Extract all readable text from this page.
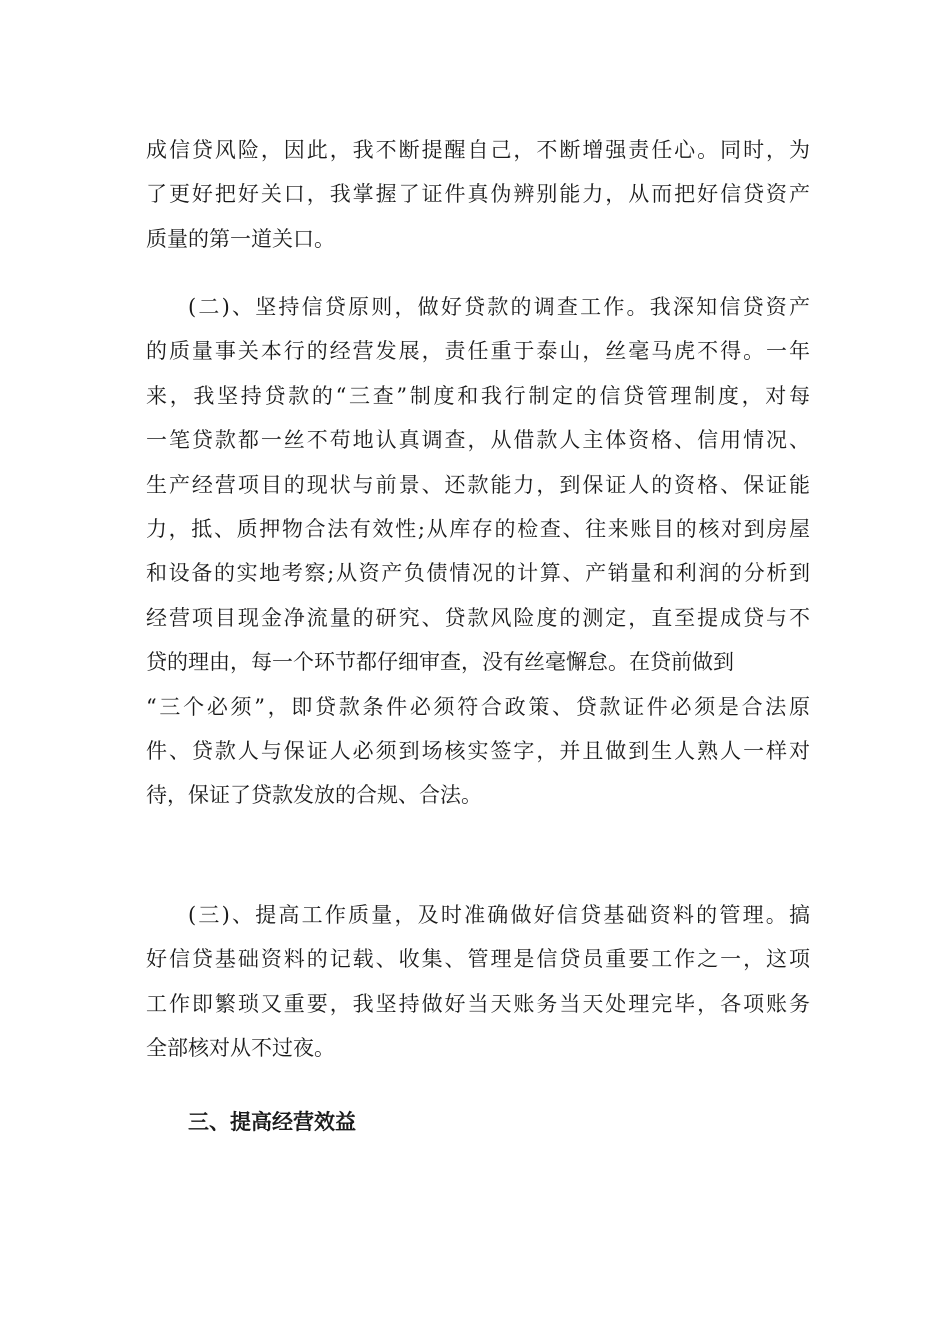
成信贷风险，因此，我不断提醒自己，不断增强责任心。同时，为
了更好把好关口，我掌握了证件真伪辨别能力，从而把好信贷资产
质量的第一道关口。
(二)、坚持信贷原则，做好贷款的调查工作。我深知信贷资产
的质量事关本行的经营发展，责任重于泰山，丝毫马虎不得。一年
来，我坚持贷款的“三查”制度和我行制定的信贷管理制度，对每
一笔贷款都一丝不苟地认真调查，从借款人主体资格、信用情况、
生产经营项目的现状与前景、还款能力，到保证人的资格、保证能
力，抵、质押物合法有效性;从库存的检查、往来账目的核对到房屋
和设备的实地考察;从资产负债情况的计算、产销量和利润的分析到
经营项目现金净流量的研究、贷款风险度的测定，直至提成贷与不
贷的理由，每一个环节都仔细审查，没有丝毫懈怠。在贷前做到
“三个必须”，即贷款条件必须符合政策、贷款证件必须是合法原
件、贷款人与保证人必须到场核实签字，并且做到生人熟人一样对
待，保证了贷款发放的合规、合法。
(三)、提高工作质量，及时准确做好信贷基础资料的管理。搞
好信贷基础资料的记载、收集、管理是信贷员重要工作之一，这项
工作即繁琐又重要，我坚持做好当天账务当天处理完毕，各项账务
全部核对从不过夜。
三、提高经营效益
